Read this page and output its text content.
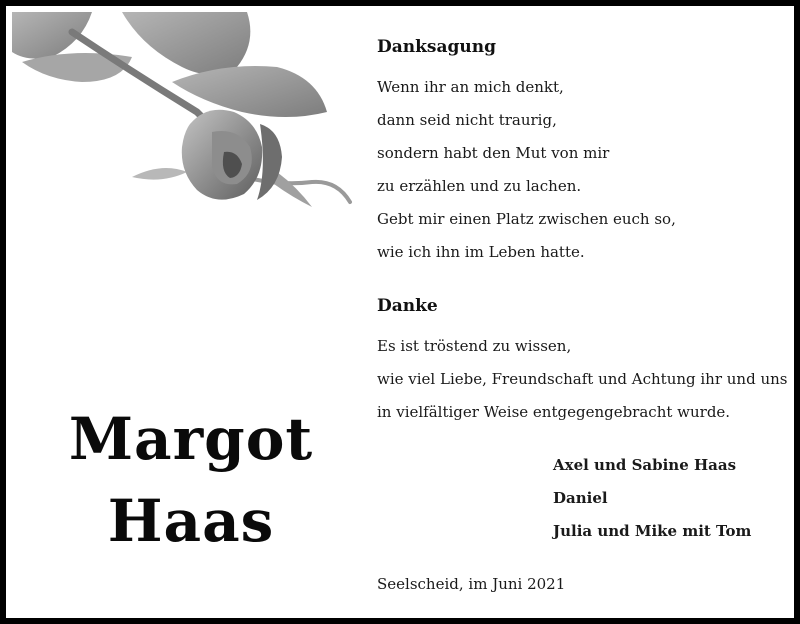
Margot
Haas
Danksagung
Wenn ihr an mich denkt,
dann seid nicht traurig,
sondern habt den Mut von mir
zu erzählen und zu lachen.
Gebt mir einen Platz zwischen euch so,
wie ich ihn im Leben hatte.
Danke
Es ist tröstend zu wissen,
wie viel Liebe, Freundschaft und Achtung ihr und uns
in vielfältiger Weise entgegengebracht wurde.
Axel und Sabine Haas
Daniel
Julia und Mike mit Tom
Seelscheid, im Juni 2021
